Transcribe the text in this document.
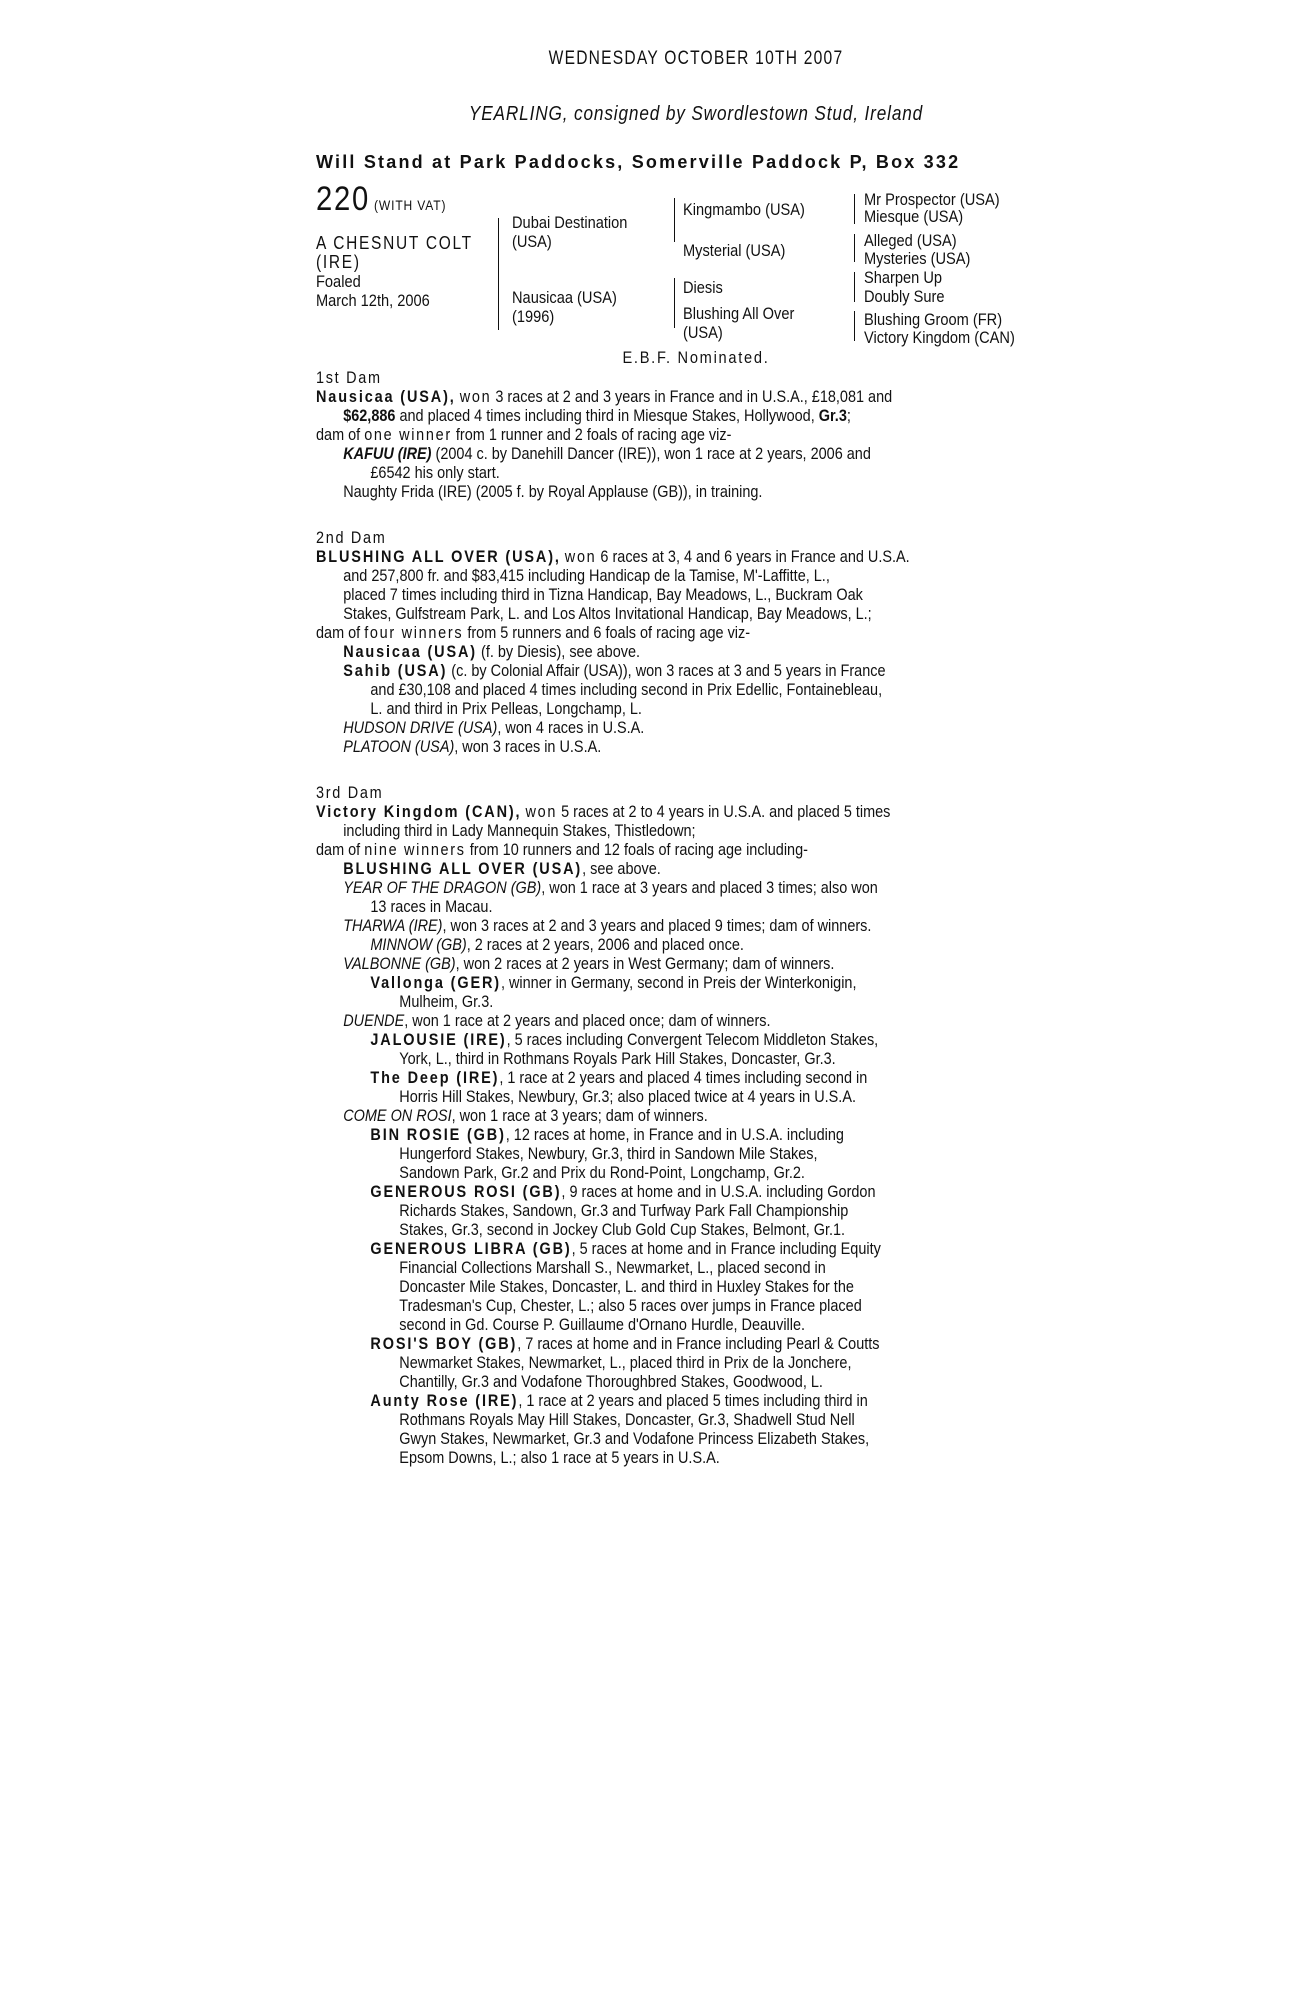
WEDNESDAY OCTOBER 10TH 2007
YEARLING, consigned by Swordlestown Stud, Ireland
Will Stand at Park Paddocks, Somerville Paddock P, Box 332
220 (WITH VAT)
A CHESNUT COLT
(IRE)
Foaled
March 12th, 2006
Dubai Destination
(USA)
Nausicaa (USA)
(1996)
Kingmambo (USA)
Mysterial (USA)
Diesis
Blushing All Over
(USA)
Mr Prospector (USA)
Miesque (USA)
Alleged (USA)
Mysteries (USA)
Sharpen Up
Doubly Sure
Blushing Groom (FR)
Victory Kingdom (CAN)
E.B.F. Nominated.
1st Dam
Nausicaa (USA), won 3 races at 2 and 3 years in France and in U.S.A., £18,081 and
$62,886 and placed 4 times including third in Miesque Stakes, Hollywood, Gr.3;
dam of one winner from 1 runner and 2 foals of racing age viz-
KAFUU (IRE) (2004 c. by Danehill Dancer (IRE)), won 1 race at 2 years, 2006 and
£6542 his only start.
Naughty Frida (IRE) (2005 f. by Royal Applause (GB)), in training.
2nd Dam
BLUSHING ALL OVER (USA), won 6 races at 3, 4 and 6 years in France and U.S.A.
and 257,800 fr. and $83,415 including Handicap de la Tamise, M'-Laffitte, L.,
placed 7 times including third in Tizna Handicap, Bay Meadows, L., Buckram Oak
Stakes, Gulfstream Park, L. and Los Altos Invitational Handicap, Bay Meadows, L.;
dam of four winners from 5 runners and 6 foals of racing age viz-
Nausicaa (USA) (f. by Diesis), see above.
Sahib (USA) (c. by Colonial Affair (USA)), won 3 races at 3 and 5 years in France
and £30,108 and placed 4 times including second in Prix Edellic, Fontainebleau,
L. and third in Prix Pelleas, Longchamp, L.
HUDSON DRIVE (USA), won 4 races in U.S.A.
PLATOON (USA), won 3 races in U.S.A.
3rd Dam
Victory Kingdom (CAN), won 5 races at 2 to 4 years in U.S.A. and placed 5 times
including third in Lady Mannequin Stakes, Thistledown;
dam of nine winners from 10 runners and 12 foals of racing age including-
BLUSHING ALL OVER (USA), see above.
YEAR OF THE DRAGON (GB), won 1 race at 3 years and placed 3 times; also won
13 races in Macau.
THARWA (IRE), won 3 races at 2 and 3 years and placed 9 times; dam of winners.
MINNOW (GB), 2 races at 2 years, 2006 and placed once.
VALBONNE (GB), won 2 races at 2 years in West Germany; dam of winners.
Vallonga (GER), winner in Germany, second in Preis der Winterkonigin,
Mulheim, Gr.3.
DUENDE, won 1 race at 2 years and placed once; dam of winners.
JALOUSIE (IRE), 5 races including Convergent Telecom Middleton Stakes,
York, L., third in Rothmans Royals Park Hill Stakes, Doncaster, Gr.3.
The Deep (IRE), 1 race at 2 years and placed 4 times including second in
Horris Hill Stakes, Newbury, Gr.3; also placed twice at 4 years in U.S.A.
COME ON ROSI, won 1 race at 3 years; dam of winners.
BIN ROSIE (GB), 12 races at home, in France and in U.S.A. including
Hungerford Stakes, Newbury, Gr.3, third in Sandown Mile Stakes,
Sandown Park, Gr.2 and Prix du Rond-Point, Longchamp, Gr.2.
GENEROUS ROSI (GB), 9 races at home and in U.S.A. including Gordon
Richards Stakes, Sandown, Gr.3 and Turfway Park Fall Championship
Stakes, Gr.3, second in Jockey Club Gold Cup Stakes, Belmont, Gr.1.
GENEROUS LIBRA (GB), 5 races at home and in France including Equity
Financial Collections Marshall S., Newmarket, L., placed second in
Doncaster Mile Stakes, Doncaster, L. and third in Huxley Stakes for the
Tradesman's Cup, Chester, L.; also 5 races over jumps in France placed
second in Gd. Course P. Guillaume d'Ornano Hurdle, Deauville.
ROSI'S BOY (GB), 7 races at home and in France including Pearl & Coutts
Newmarket Stakes, Newmarket, L., placed third in Prix de la Jonchere,
Chantilly, Gr.3 and Vodafone Thoroughbred Stakes, Goodwood, L.
Aunty Rose (IRE), 1 race at 2 years and placed 5 times including third in
Rothmans Royals May Hill Stakes, Doncaster, Gr.3, Shadwell Stud Nell
Gwyn Stakes, Newmarket, Gr.3 and Vodafone Princess Elizabeth Stakes,
Epsom Downs, L.; also 1 race at 5 years in U.S.A.
